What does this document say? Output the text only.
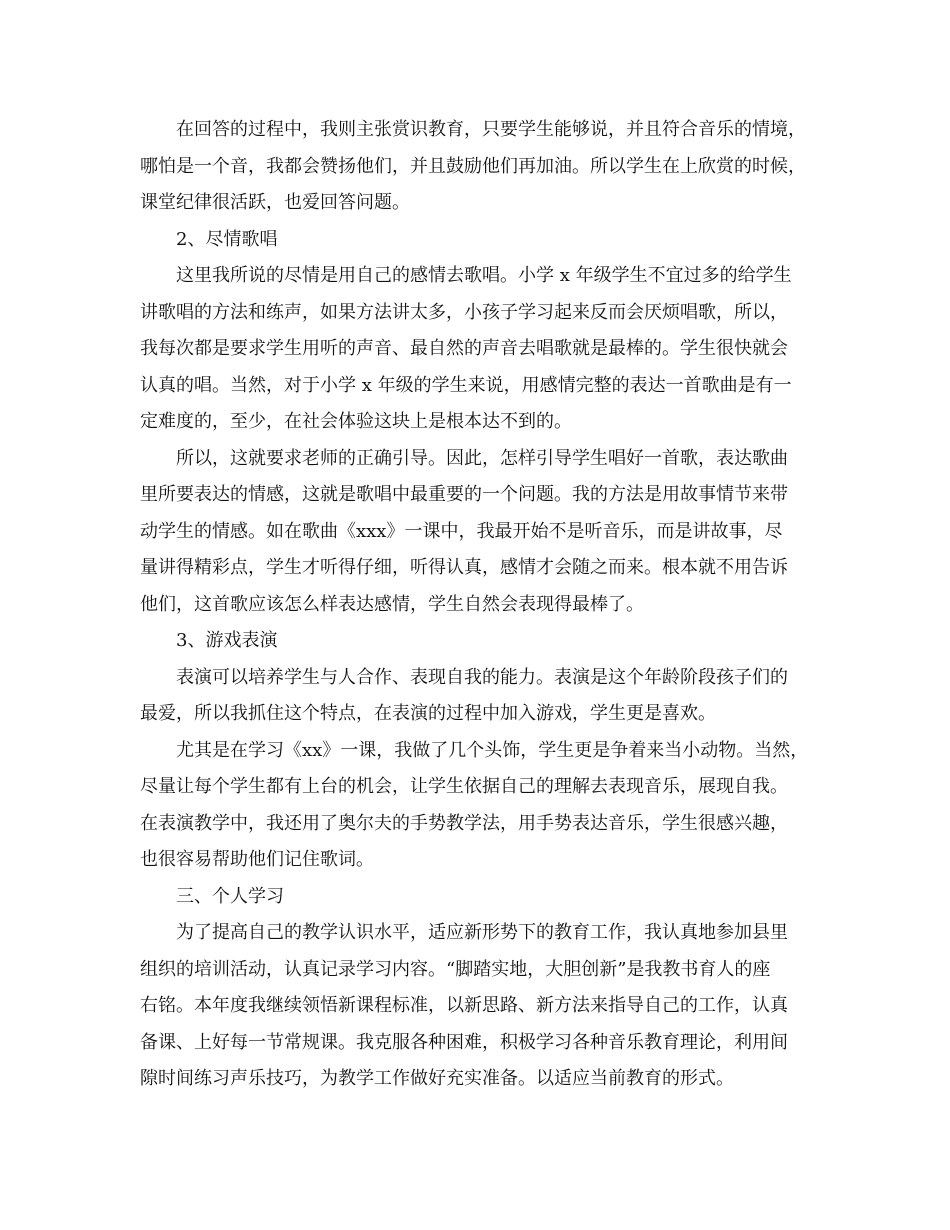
在回答的过程中，我则主张赏识教育，只要学生能够说，并且符合音乐的情境，
哪怕是一个音，我都会赞扬他们，并且鼓励他们再加油。所以学生在上欣赏的时候，
课堂纪律很活跃，也爱回答问题。
2、尽情歌唱
这里我所说的尽情是用自己的感情去歌唱。小学 x 年级学生不宜过多的给学生
讲歌唱的方法和练声，如果方法讲太多，小孩子学习起来反而会厌烦唱歌，所以，
我每次都是要求学生用听的声音、最自然的声音去唱歌就是最棒的。学生很快就会
认真的唱。当然，对于小学 x 年级的学生来说，用感情完整的表达一首歌曲是有一
定难度的，至少，在社会体验这块上是根本达不到的。
所以，这就要求老师的正确引导。因此，怎样引导学生唱好一首歌，表达歌曲
里所要表达的情感，这就是歌唱中最重要的一个问题。我的方法是用故事情节来带
动学生的情感。如在歌曲《xxx》一课中，我最开始不是听音乐，而是讲故事，尽
量讲得精彩点，学生才听得仔细，听得认真，感情才会随之而来。根本就不用告诉
他们，这首歌应该怎么样表达感情，学生自然会表现得最棒了。
3、游戏表演
表演可以培养学生与人合作、表现自我的能力。表演是这个年龄阶段孩子们的
最爱，所以我抓住这个特点，在表演的过程中加入游戏，学生更是喜欢。
尤其是在学习《xx》一课，我做了几个头饰，学生更是争着来当小动物。当然，
尽量让每个学生都有上台的机会，让学生依据自己的理解去表现音乐，展现自我。
在表演教学中，我还用了奥尔夫的手势教学法，用手势表达音乐，学生很感兴趣，
也很容易帮助他们记住歌词。
三、个人学习
为了提高自己的教学认识水平，适应新形势下的教育工作，我认真地参加县里
组织的培训活动，认真记录学习内容。“脚踏实地，大胆创新”是我教书育人的座
右铭。本年度我继续领悟新课程标准，以新思路、新方法来指导自己的工作，认真
备课、上好每一节常规课。我克服各种困难，积极学习各种音乐教育理论，利用间
隙时间练习声乐技巧，为教学工作做好充实准备。以适应当前教育的形式。
